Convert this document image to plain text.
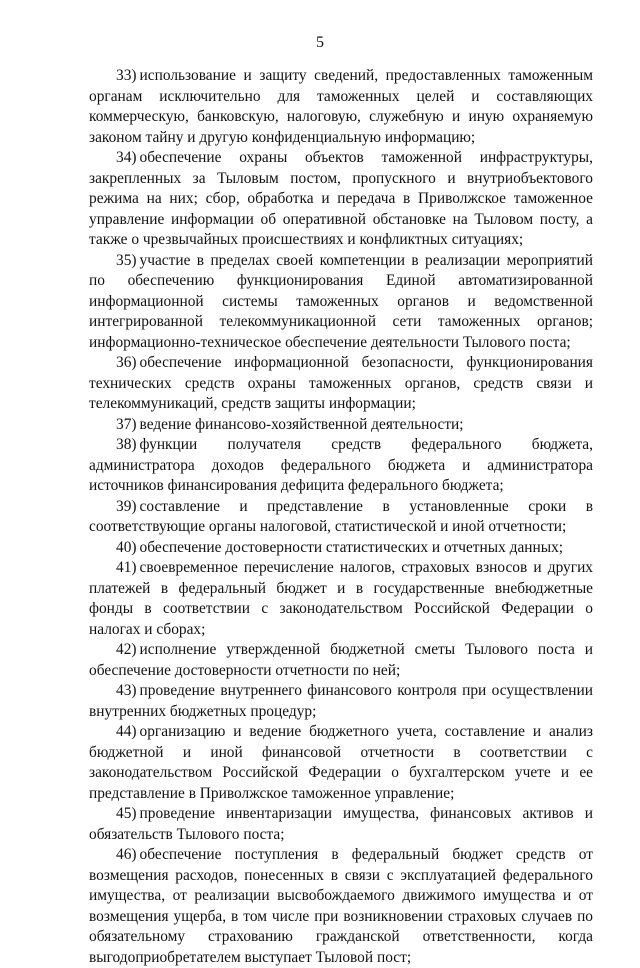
5

33) использование и защиту сведений, предоставленных таможенным органам исключительно для таможенных целей и составляющих коммерческую, банковскую, налоговую, служебную и иную охраняемую законом тайну и другую конфиденциальную информацию;

34) обеспечение охраны объектов таможенной инфраструктуры, закрепленных за Тыловым постом, пропускного и внутриобъектового режима на них; сбор, обработка и передача в Приволжское таможенное управление информации об оперативной обстановке на Тыловом посту, а также о чрезвычайных происшествиях и конфликтных ситуациях;

35) участие в пределах своей компетенции в реализации мероприятий по обеспечению функционирования Единой автоматизированной информационной системы таможенных органов и ведомственной интегрированной телекоммуникационной сети таможенных органов; информационно-техническое обеспечение деятельности Тылового поста;

36) обеспечение информационной безопасности, функционирования технических средств охраны таможенных органов, средств связи и телекоммуникаций, средств защиты информации;

37) ведение финансово-хозяйственной деятельности;

38) функции получателя средств федерального бюджета, администратора доходов федерального бюджета и администратора источников финансирования дефицита федерального бюджета;

39) составление и представление в установленные сроки в соответствующие органы налоговой, статистической и иной отчетности;

40) обеспечение достоверности статистических и отчетных данных;

41) своевременное перечисление налогов, страховых взносов и других платежей в федеральный бюджет и в государственные внебюджетные фонды в соответствии с законодательством Российской Федерации о налогах и сборах;

42) исполнение утвержденной бюджетной сметы Тылового поста и обеспечение достоверности отчетности по ней;

43) проведение внутреннего финансового контроля при осуществлении внутренних бюджетных процедур;

44) организацию и ведение бюджетного учета, составление и анализ бюджетной и иной финансовой отчетности в соответствии с законодательством Российской Федерации о бухгалтерском учете и ее представление в Приволжское таможенное управление;

45) проведение инвентаризации имущества, финансовых активов и обязательств Тылового поста;

46) обеспечение поступления в федеральный бюджет средств от возмещения расходов, понесенных в связи с эксплуатацией федерального имущества, от реализации высвобождаемого движимого имущества и от возмещения ущерба, в том числе при возникновении страховых случаев по обязательному страхованию гражданской ответственности, когда выгодоприобретателем выступает Тыловой пост;
